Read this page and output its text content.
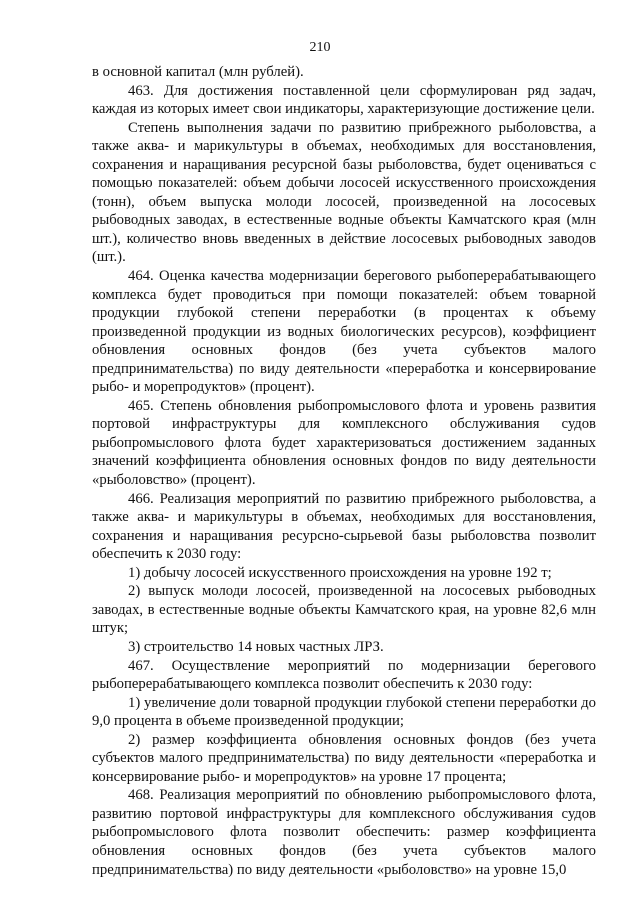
210

в основной капитал (млн рублей).

463. Для достижения поставленной цели сформулирован ряд задач, каждая из которых имеет свои индикаторы, характеризующие достижение цели.

Степень выполнения задачи по развитию прибрежного рыболовства, а также аква- и марикультуры в объемах, необходимых для восстановления, сохранения и наращивания ресурсной базы рыболовства, будет оцениваться с помощью показателей: объем добычи лососей искусственного происхождения (тонн), объем выпуска молоди лососей, произведенной на лососевых рыбоводных заводах, в естественные водные объекты Камчатского края (млн шт.), количество вновь введенных в действие лососевых рыбоводных заводов (шт.).

464. Оценка качества модернизации берегового рыбоперерабатывающего комплекса будет проводиться при помощи показателей: объем товарной продукции глубокой степени переработки (в процентах к объему произведенной продукции из водных биологических ресурсов), коэффициент обновления основных фондов (без учета субъектов малого предпринимательства) по виду деятельности «переработка и консервирование рыбо- и морепродуктов» (процент).

465. Степень обновления рыбопромыслового флота и уровень развития портовой инфраструктуры для комплексного обслуживания судов рыбопромыслового флота будет характеризоваться достижением заданных значений коэффициента обновления основных фондов по виду деятельности «рыболовство» (процент).

466. Реализация мероприятий по развитию прибрежного рыболовства, а также аква- и марикультуры в объемах, необходимых для восстановления, сохранения и наращивания ресурсно-сырьевой базы рыболовства позволит обеспечить к 2030 году:

1) добычу лососей искусственного происхождения на уровне 192 т;

2) выпуск молоди лососей, произведенной на лососевых рыбоводных заводах, в естественные водные объекты Камчатского края, на уровне 82,6 млн штук;

3) строительство 14 новых частных ЛРЗ.

467. Осуществление мероприятий по модернизации берегового рыбоперерабатывающего комплекса позволит обеспечить к 2030 году:

1) увеличение доли товарной продукции глубокой степени переработки до 9,0 процента в объеме произведенной продукции;

2) размер коэффициента обновления основных фондов (без учета субъектов малого предпринимательства) по виду деятельности «переработка и консервирование рыбо- и морепродуктов» на уровне 17 процента;

468. Реализация мероприятий по обновлению рыбопромыслового флота, развитию портовой инфраструктуры для комплексного обслуживания судов рыбопромыслового флота позволит обеспечить: размер коэффициента обновления основных фондов (без учета субъектов малого предпринимательства) по виду деятельности «рыболовство» на уровне 15,0
